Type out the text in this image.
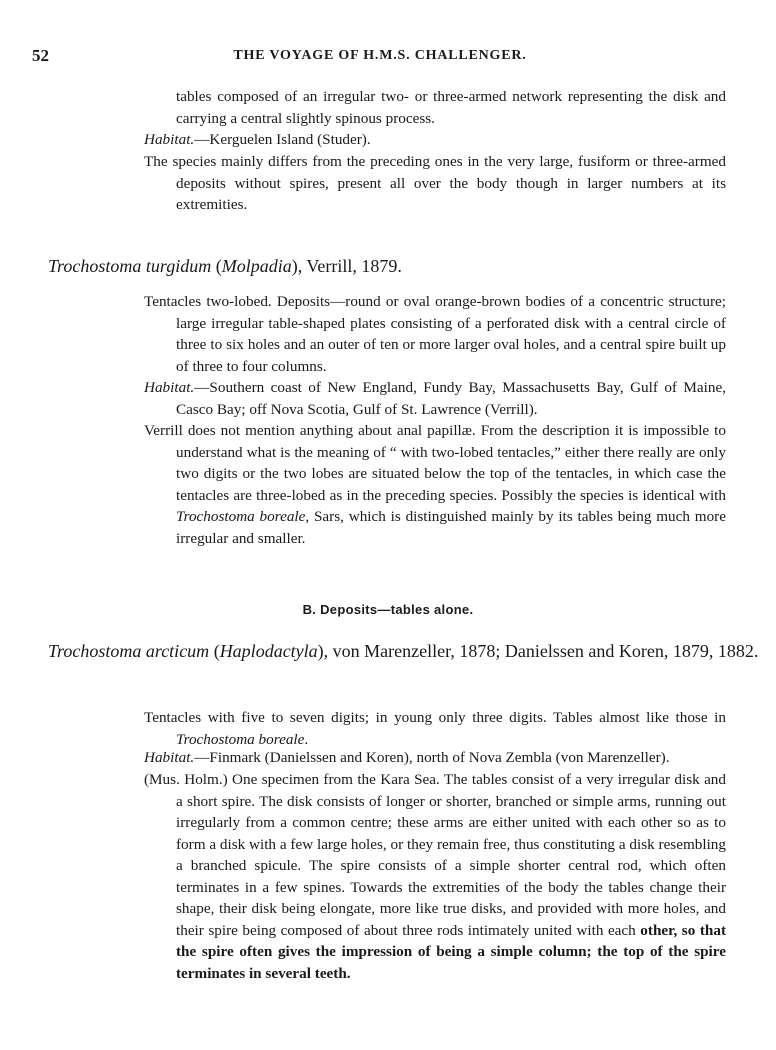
52	THE VOYAGE OF H.M.S. CHALLENGER.

tables composed of an irregular two- or three-armed network representing the disk and carrying a central slightly spinous process.

Habitat.—Kerguelen Island (Studer).

The species mainly differs from the preceding ones in the very large, fusiform or three-armed deposits without spires, present all over the body though in larger numbers at its extremities.

Trochostoma turgidum (Molpadia), Verrill, 1879.

Tentacles two-lobed. Deposits—round or oval orange-brown bodies of a concentric structure; large irregular table-shaped plates consisting of a perforated disk with a central circle of three to six holes and an outer of ten or more larger oval holes, and a central spire built up of three to four columns.

Habitat.—Southern coast of New England, Fundy Bay, Massachusetts Bay, Gulf of Maine, Casco Bay; off Nova Scotia, Gulf of St. Lawrence (Verrill).

Verrill does not mention anything about anal papillæ. From the description it is impossible to understand what is the meaning of “ with two-lobed tentacles,” either there really are only two digits or the two lobes are situated below the top of the tentacles, in which case the tentacles are three-lobed as in the preceding species. Possibly the species is identical with Trochostoma boreale, Sars, which is distinguished mainly by its tables being much more irregular and smaller.

B. Deposits—tables alone.

Trochostoma arcticum (Haplodactyla), von Marenzeller, 1878; Danielssen and Koren, 1879, 1882.

Tentacles with five to seven digits; in young only three digits. Tables almost like those in Trochostoma boreale.

Habitat.—Finmark (Danielssen and Koren), north of Nova Zembla (von Marenzeller).

(Mus. Holm.) One specimen from the Kara Sea. The tables consist of a very irregular disk and a short spire. The disk consists of longer or shorter, branched or simple arms, running out irregularly from a common centre; these arms are either united with each other so as to form a disk with a few large holes, or they remain free, thus constituting a disk resembling a branched spicule. The spire consists of a simple shorter central rod, which often terminates in a few spines. Towards the extremities of the body the tables change their shape, their disk being elongate, more like true disks, and provided with more holes, and their spire being composed of about three rods intimately united with each other, so that the spire often gives the impression of being a simple column; the top of the spire terminates in several teeth.
